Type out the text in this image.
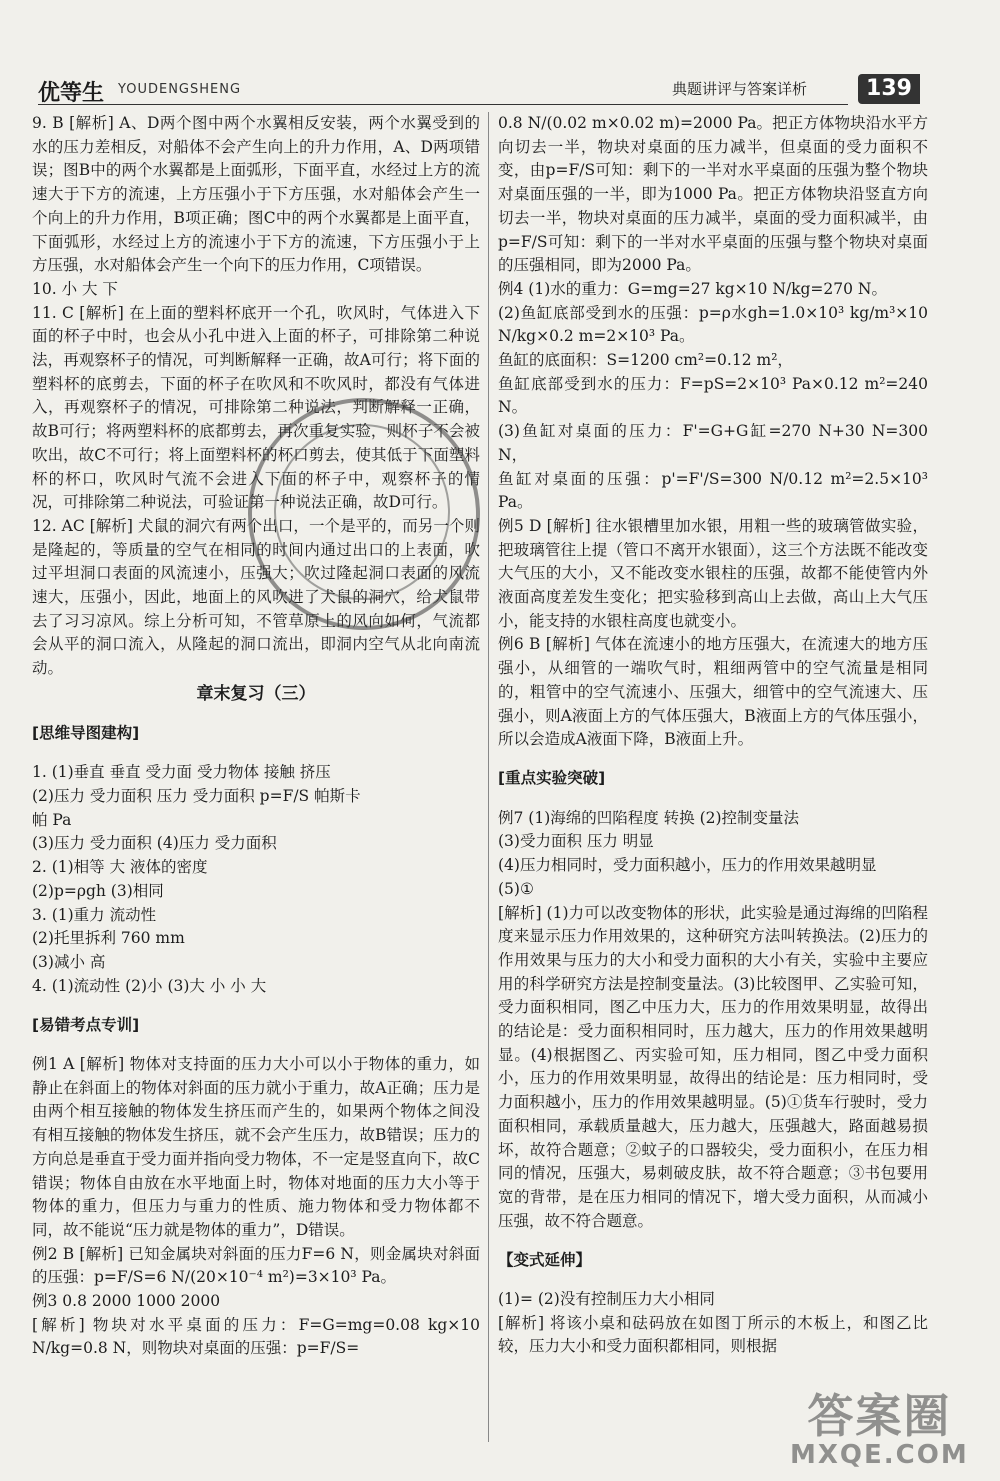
优等生 YOUDENGSHENG	典题讲评与答案详析	139

9. B [解析] A、D两个图中两个水翼相反安装，两个水翼受到的水的压力差相反，对船体不会产生向上的升力作用，A、D两项错误；图B中的两个水翼都是上面弧形，下面平直，水经过上方的流速大于下方的流速，上方压强小于下方压强，水对船体会产生一个向上的升力作用，B项正确；图C中的两个水翼都是上面平直，下面弧形，水经过上方的流速小于下方的流速，下方压强小于上方压强，水对船体会产生一个向下的压力作用，C项错误。

10. 小 大 下

11. C [解析] 在上面的塑料杯底开一个孔，吹风时，气体进入下面的杯子中时，也会从小孔中进入上面的杯子，可排除第二种说法，再观察杯子的情况，可判断解释一正确，故A可行；将下面的塑料杯的底剪去，下面的杯子在吹风和不吹风时，都没有气体进入，再观察杯子的情况，可排除第二种说法，判断解释一正确，故B可行；将两塑料杯的底都剪去，再次重复实验，则杯子不会被吹出，故C不可行；将上面塑料杯的杯口剪去，使其低于下面塑料杯的杯口，吹风时气流不会进入下面的杯子中，观察杯子的情况，可排除第二种说法，可验证第一种说法正确，故D可行。

12. AC [解析] 犬鼠的洞穴有两个出口，一个是平的，而另一个则是隆起的，等质量的空气在相同的时间内通过出口的上表面，吹过平坦洞口表面的风流速小，压强大；吹过隆起洞口表面的风流速大，压强小，因此，地面上的风吹进了犬鼠的洞穴，给犬鼠带去了习习凉风。综上分析可知，不管草原上的风向如何，气流都会从平的洞口流入，从隆起的洞口流出，即洞内空气从北向南流动。

章末复习（三）

[思维导图建构]

1. (1)垂直 垂直 受力面 受力物体 接触 挤压

(2)压力 受力面积 压力 受力面积 p=F/S 帕斯卡

帕 Pa

(3)压力 受力面积 (4)压力 受力面积

2. (1)相等 大 液体的密度

(2)p=ρgh (3)相同

3. (1)重力 流动性

(2)托里拆利 760 mm

(3)减小 高

4. (1)流动性 (2)小 (3)大 小 小 大

[易错考点专训]

例1 A [解析] 物体对支持面的压力大小可以小于物体的重力，如静止在斜面上的物体对斜面的压力就小于重力，故A正确；压力是由两个相互接触的物体发生挤压而产生的，如果两个物体之间没有相互接触的物体发生挤压，就不会产生压力，故B错误；压力的方向总是垂直于受力面并指向受力物体，不一定是竖直向下，故C错误；物体自由放在水平地面上时，物体对地面的压力大小等于物体的重力，但压力与重力的性质、施力物体和受力物体都不同，故不能说“压力就是物体的重力”，D错误。

例2 B [解析] 已知金属块对斜面的压力F=6 N，则金属块对斜面的压强：p=F/S=6 N/(20×10⁻⁴ m²)=3×10³ Pa。

例3 0.8 2000 1000 2000

[解析] 物块对水平桌面的压力：F=G=mg=0.08 kg×10 N/kg=0.8 N，则物块对桌面的压强：p=F/S=

0.8 N/(0.02 m×0.02 m)=2000 Pa。把正方体物块沿水平方向切去一半，物块对桌面的压力减半，但桌面的受力面积不变，由p=F/S可知：剩下的一半对水平桌面的压强为整个物块对桌面压强的一半，即为1000 Pa。把正方体物块沿竖直方向切去一半，物块对桌面的压力减半，桌面的受力面积减半，由p=F/S可知：剩下的一半对水平桌面的压强与整个物块对桌面的压强相同，即为2000 Pa。

例4 (1)水的重力：G=mg=27 kg×10 N/kg=270 N。

(2)鱼缸底部受到水的压强：p=ρ水gh=1.0×10³ kg/m³×10 N/kg×0.2 m=2×10³ Pa。

鱼缸的底面积：S=1200 cm²=0.12 m²，

鱼缸底部受到水的压力：F=pS=2×10³ Pa×0.12 m²=240 N。

(3)鱼缸对桌面的压力：F'=G+G缸=270 N+30 N=300 N，

鱼缸对桌面的压强：p'=F'/S=300 N/0.12 m²=2.5×10³ Pa。

例5 D [解析] 往水银槽里加水银，用粗一些的玻璃管做实验，把玻璃管往上提（管口不离开水银面），这三个方法既不能改变大气压的大小，又不能改变水银柱的压强，故都不能使管内外液面高度差发生变化；把实验移到高山上去做，高山上大气压小，能支持的水银柱高度也就变小。

例6 B [解析] 气体在流速小的地方压强大，在流速大的地方压强小，从细管的一端吹气时，粗细两管中的空气流量是相同的，粗管中的空气流速小、压强大，细管中的空气流速大、压强小，则A液面上方的气体压强大，B液面上方的气体压强小，所以会造成A液面下降，B液面上升。

[重点实验突破]

例7 (1)海绵的凹陷程度 转换 (2)控制变量法

(3)受力面积 压力 明显

(4)压力相同时，受力面积越小，压力的作用效果越明显

(5)①

[解析] (1)力可以改变物体的形状，此实验是通过海绵的凹陷程度来显示压力作用效果的，这种研究方法叫转换法。(2)压力的作用效果与压力的大小和受力面积的大小有关，实验中主要应用的科学研究方法是控制变量法。(3)比较图甲、乙实验可知，受力面积相同，图乙中压力大，压力的作用效果明显，故得出的结论是：受力面积相同时，压力越大，压力的作用效果越明显。(4)根据图乙、丙实验可知，压力相同，图乙中受力面积小，压力的作用效果明显，故得出的结论是：压力相同时，受力面积越小，压力的作用效果越明显。(5)①货车行驶时，受力面积相同，承载质量越大，压力越大，压强越大，路面越易损坏，故符合题意；②蚊子的口器较尖，受力面积小，在压力相同的情况，压强大，易刺破皮肤，故不符合题意；③书包要用宽的背带，是在压力相同的情况下，增大受力面积，从而减小压强，故不符合题意。

【变式延伸】

(1)= (2)没有控制压力大小相同

[解析] 将该小桌和砝码放在如图丁所示的木板上，和图乙比较，压力大小和受力面积都相同，则根据

答案圈
MXQE.COM
